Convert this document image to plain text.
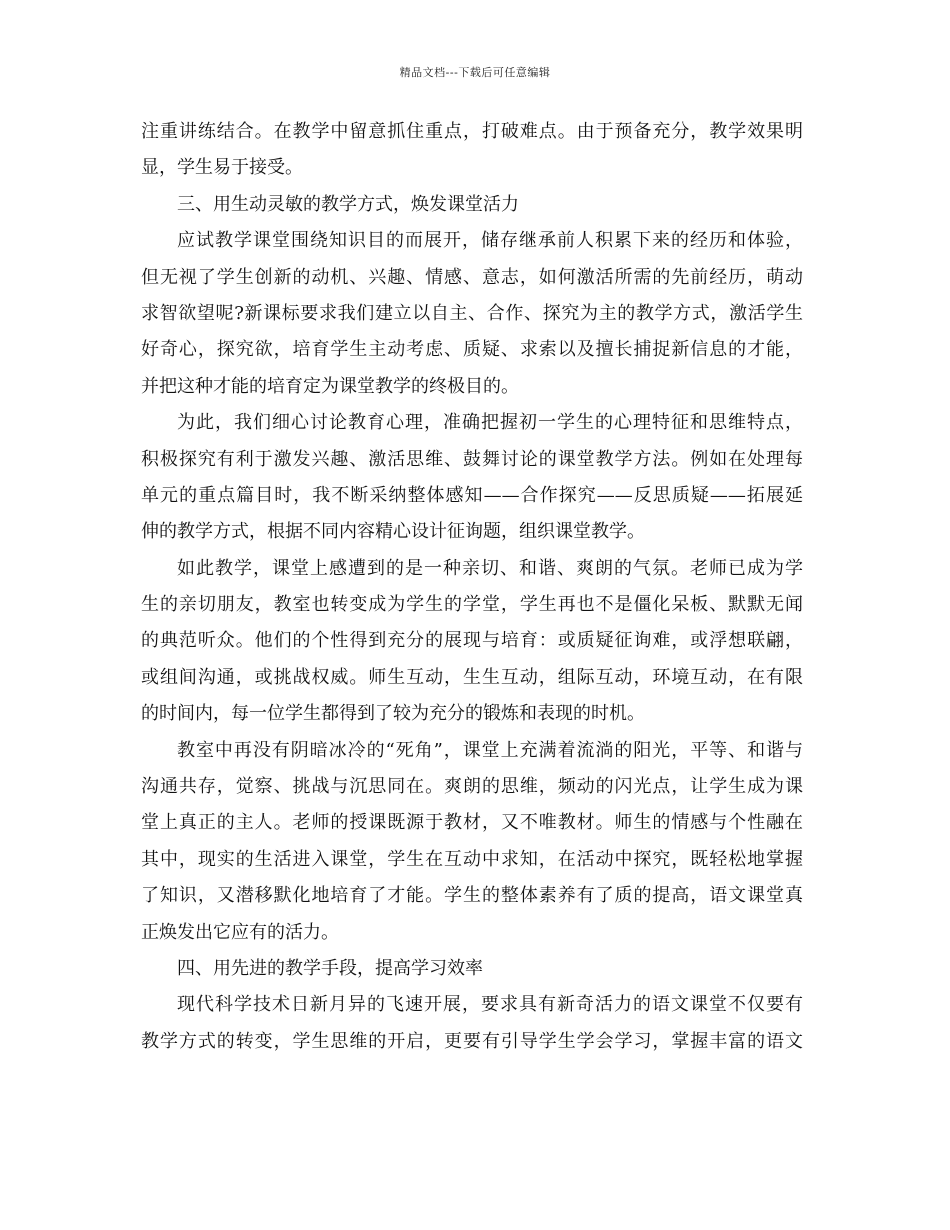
精品文档---下载后可任意编辑
注重讲练结合。在教学中留意抓住重点，打破难点。由于预备充分，教学效果明
显，学生易于接受。
三、用生动灵敏的教学方式，焕发课堂活力
应试教学课堂围绕知识目的而展开，储存继承前人积累下来的经历和体验，
但无视了学生创新的动机、兴趣、情感、意志，如何激活所需的先前经历，萌动
求智欲望呢?新课标要求我们建立以自主、合作、探究为主的教学方式，激活学生
好奇心，探究欲，培育学生主动考虑、质疑、求索以及擅长捕捉新信息的才能，
并把这种才能的培育定为课堂教学的终极目的。
为此，我们细心讨论教育心理，准确把握初一学生的心理特征和思维特点，
积极探究有利于激发兴趣、激活思维、鼓舞讨论的课堂教学方法。例如在处理每
单元的重点篇目时，我不断采纳整体感知——合作探究——反思质疑——拓展延
伸的教学方式，根据不同内容精心设计征询题，组织课堂教学。
如此教学，课堂上感遭到的是一种亲切、和谐、爽朗的气氛。老师已成为学
生的亲切朋友，教室也转变成为学生的学堂，学生再也不是僵化呆板、默默无闻
的典范听众。他们的个性得到充分的展现与培育：或质疑征询难，或浮想联翩，
或组间沟通，或挑战权威。师生互动，生生互动，组际互动，环境互动，在有限
的时间内，每一位学生都得到了较为充分的锻炼和表现的时机。
教室中再没有阴暗冰冷的“死角”，课堂上充满着流淌的阳光，平等、和谐与
沟通共存，觉察、挑战与沉思同在。爽朗的思维，频动的闪光点，让学生成为课
堂上真正的主人。老师的授课既源于教材，又不唯教材。师生的情感与个性融在
其中，现实的生活进入课堂，学生在互动中求知，在活动中探究，既轻松地掌握
了知识，又潜移默化地培育了才能。学生的整体素养有了质的提高，语文课堂真
正焕发出它应有的活力。
四、用先进的教学手段，提高学习效率
现代科学技术日新月异的飞速开展，要求具有新奇活力的语文课堂不仅要有
教学方式的转变，学生思维的开启，更要有引导学生学会学习，掌握丰富的语文
